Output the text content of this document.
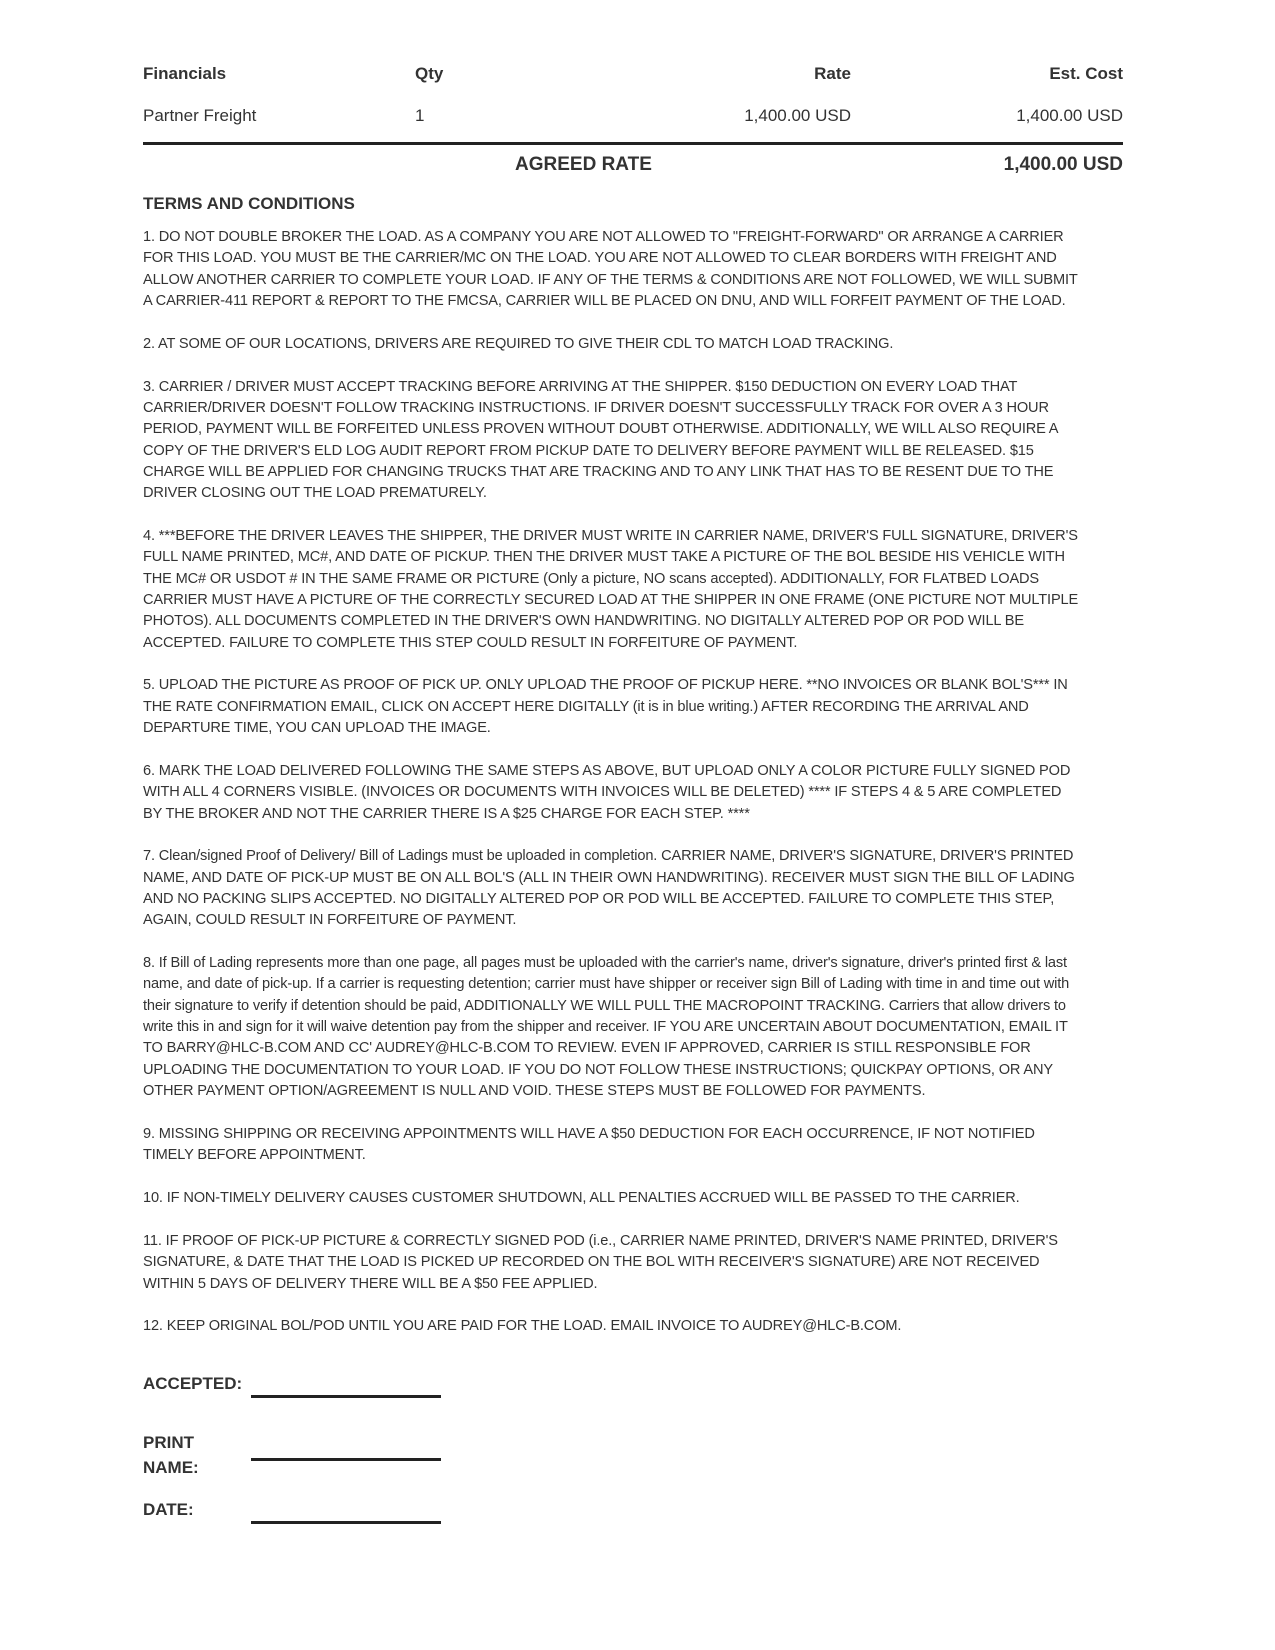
Financials	Qty	Rate	Est. Cost
Partner Freight	1	1,400.00 USD	1,400.00 USD
AGREED RATE	1,400.00 USD
TERMS AND CONDITIONS

1. DO NOT DOUBLE BROKER THE LOAD. AS A COMPANY YOU ARE NOT ALLOWED TO "FREIGHT-FORWARD" OR ARRANGE A CARRIER
FOR THIS LOAD. YOU MUST BE THE CARRIER/MC ON THE LOAD. YOU ARE NOT ALLOWED TO CLEAR BORDERS WITH FREIGHT AND
ALLOW ANOTHER CARRIER TO COMPLETE YOUR LOAD. IF ANY OF THE TERMS & CONDITIONS ARE NOT FOLLOWED, WE WILL SUBMIT
A CARRIER-411 REPORT & REPORT TO THE FMCSA, CARRIER WILL BE PLACED ON DNU, AND WILL FORFEIT PAYMENT OF THE LOAD.

2. AT SOME OF OUR LOCATIONS, DRIVERS ARE REQUIRED TO GIVE THEIR CDL TO MATCH LOAD TRACKING.

3. CARRIER / DRIVER MUST ACCEPT TRACKING BEFORE ARRIVING AT THE SHIPPER. $150 DEDUCTION ON EVERY LOAD THAT
CARRIER/DRIVER DOESN'T FOLLOW TRACKING INSTRUCTIONS. IF DRIVER DOESN'T SUCCESSFULLY TRACK FOR OVER A 3 HOUR
PERIOD, PAYMENT WILL BE FORFEITED UNLESS PROVEN WITHOUT DOUBT OTHERWISE. ADDITIONALLY, WE WILL ALSO REQUIRE A
COPY OF THE DRIVER'S ELD LOG AUDIT REPORT FROM PICKUP DATE TO DELIVERY BEFORE PAYMENT WILL BE RELEASED. $15
CHARGE WILL BE APPLIED FOR CHANGING TRUCKS THAT ARE TRACKING AND TO ANY LINK THAT HAS TO BE RESENT DUE TO THE
DRIVER CLOSING OUT THE LOAD PREMATURELY.

4. ***BEFORE THE DRIVER LEAVES THE SHIPPER, THE DRIVER MUST WRITE IN CARRIER NAME, DRIVER'S FULL SIGNATURE, DRIVER'S
FULL NAME PRINTED, MC#, AND DATE OF PICKUP. THEN THE DRIVER MUST TAKE A PICTURE OF THE BOL BESIDE HIS VEHICLE WITH
THE MC# OR USDOT # IN THE SAME FRAME OR PICTURE (Only a picture, NO scans accepted). ADDITIONALLY, FOR FLATBED LOADS
CARRIER MUST HAVE A PICTURE OF THE CORRECTLY SECURED LOAD AT THE SHIPPER IN ONE FRAME (ONE PICTURE NOT MULTIPLE
PHOTOS). ALL DOCUMENTS COMPLETED IN THE DRIVER'S OWN HANDWRITING. NO DIGITALLY ALTERED POP OR POD WILL BE
ACCEPTED. FAILURE TO COMPLETE THIS STEP COULD RESULT IN FORFEITURE OF PAYMENT.

5. UPLOAD THE PICTURE AS PROOF OF PICK UP. ONLY UPLOAD THE PROOF OF PICKUP HERE. **NO INVOICES OR BLANK BOL'S*** IN
THE RATE CONFIRMATION EMAIL, CLICK ON ACCEPT HERE DIGITALLY (it is in blue writing.) AFTER RECORDING THE ARRIVAL AND
DEPARTURE TIME, YOU CAN UPLOAD THE IMAGE.

6. MARK THE LOAD DELIVERED FOLLOWING THE SAME STEPS AS ABOVE, BUT UPLOAD ONLY A COLOR PICTURE FULLY SIGNED POD
WITH ALL 4 CORNERS VISIBLE. (INVOICES OR DOCUMENTS WITH INVOICES WILL BE DELETED) **** IF STEPS 4 & 5 ARE COMPLETED
BY THE BROKER AND NOT THE CARRIER THERE IS A $25 CHARGE FOR EACH STEP. ****

7. Clean/signed Proof of Delivery/ Bill of Ladings must be uploaded in completion. CARRIER NAME, DRIVER'S SIGNATURE, DRIVER'S PRINTED
NAME, AND DATE OF PICK-UP MUST BE ON ALL BOL'S (ALL IN THEIR OWN HANDWRITING). RECEIVER MUST SIGN THE BILL OF LADING
AND NO PACKING SLIPS ACCEPTED. NO DIGITALLY ALTERED POP OR POD WILL BE ACCEPTED. FAILURE TO COMPLETE THIS STEP,
AGAIN, COULD RESULT IN FORFEITURE OF PAYMENT.

8. If Bill of Lading represents more than one page, all pages must be uploaded with the carrier's name, driver's signature, driver's printed first & last
name, and date of pick-up. If a carrier is requesting detention; carrier must have shipper or receiver sign Bill of Lading with time in and time out with
their signature to verify if detention should be paid, ADDITIONALLY WE WILL PULL THE MACROPOINT TRACKING. Carriers that allow drivers to
write this in and sign for it will waive detention pay from the shipper and receiver. IF YOU ARE UNCERTAIN ABOUT DOCUMENTATION, EMAIL IT
TO BARRY@HLC-B.COM AND CC' AUDREY@HLC-B.COM TO REVIEW. EVEN IF APPROVED, CARRIER IS STILL RESPONSIBLE FOR
UPLOADING THE DOCUMENTATION TO YOUR LOAD. IF YOU DO NOT FOLLOW THESE INSTRUCTIONS; QUICKPAY OPTIONS, OR ANY
OTHER PAYMENT OPTION/AGREEMENT IS NULL AND VOID. THESE STEPS MUST BE FOLLOWED FOR PAYMENTS.

9. MISSING SHIPPING OR RECEIVING APPOINTMENTS WILL HAVE A $50 DEDUCTION FOR EACH OCCURRENCE, IF NOT NOTIFIED
TIMELY BEFORE APPOINTMENT.

10. IF NON-TIMELY DELIVERY CAUSES CUSTOMER SHUTDOWN, ALL PENALTIES ACCRUED WILL BE PASSED TO THE CARRIER.

11. IF PROOF OF PICK-UP PICTURE & CORRECTLY SIGNED POD (i.e., CARRIER NAME PRINTED, DRIVER'S NAME PRINTED, DRIVER'S
SIGNATURE, & DATE THAT THE LOAD IS PICKED UP RECORDED ON THE BOL WITH RECEIVER'S SIGNATURE) ARE NOT RECEIVED
WITHIN 5 DAYS OF DELIVERY THERE WILL BE A $50 FEE APPLIED.

12. KEEP ORIGINAL BOL/POD UNTIL YOU ARE PAID FOR THE LOAD. EMAIL INVOICE TO AUDREY@HLC-B.COM.

ACCEPTED:
PRINT
NAME:
DATE:
